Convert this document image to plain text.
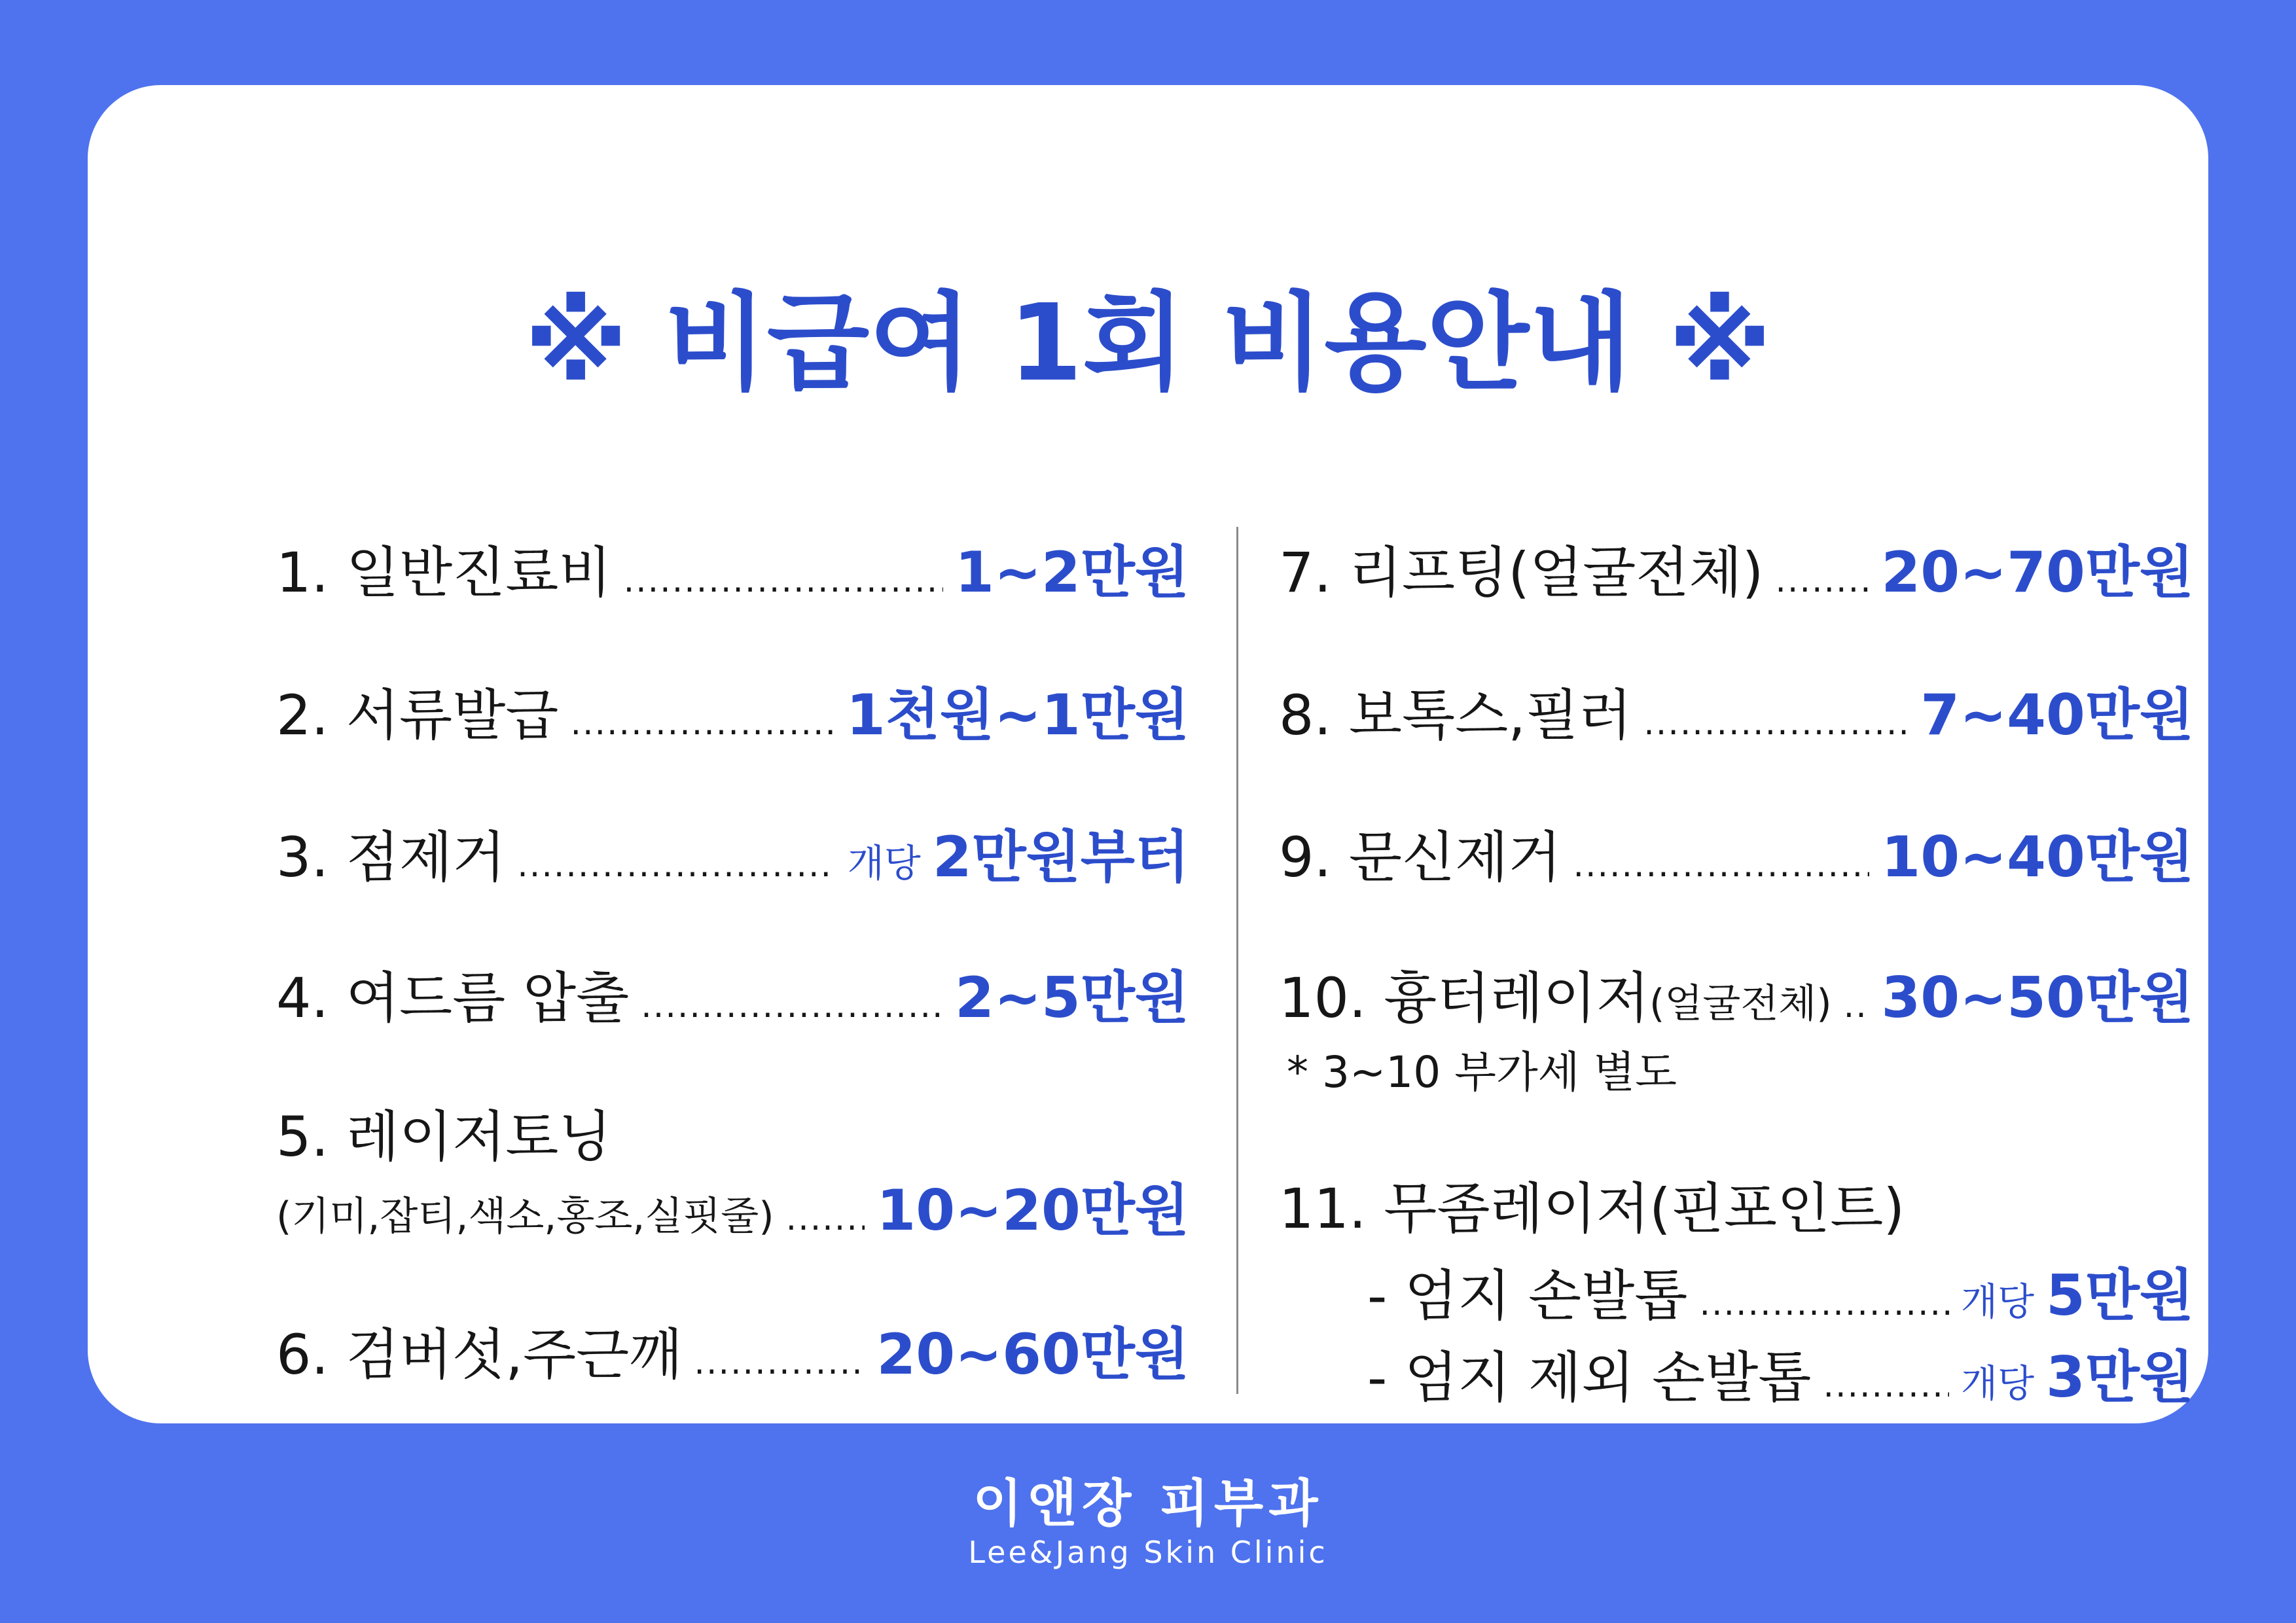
※ 비급여 1회 비용안내 ※
1. 일반진료비 .....	1~2만원
2. 서류발급 .....	1천원~1만원
3. 점제거 .....	개당 2만원부터
4. 여드름 압출 .....	2~5만원
5. 레이저토닝
(기미,잡티,색소,홍조,실핏줄) ..... 10~20만원
6. 검버섯,주근깨 .....	20~60만원
7. 리프팅(얼굴전체) ..... 20~70만원
8. 보톡스,필러 .....	7~40만원
9. 문신제거 .....	10~40만원
10. 흉터레이저 (얼굴전체) ..... 30~50만원
* 3~10 부가세 별도
11. 무좀레이저(핀포인트)
- 엄지 손발톱 .....	개당 5만원
- 엄지 제외 손발톱 .....	개당 3만원
이앤장 피부과
Lee&Jang Skin Clinic
